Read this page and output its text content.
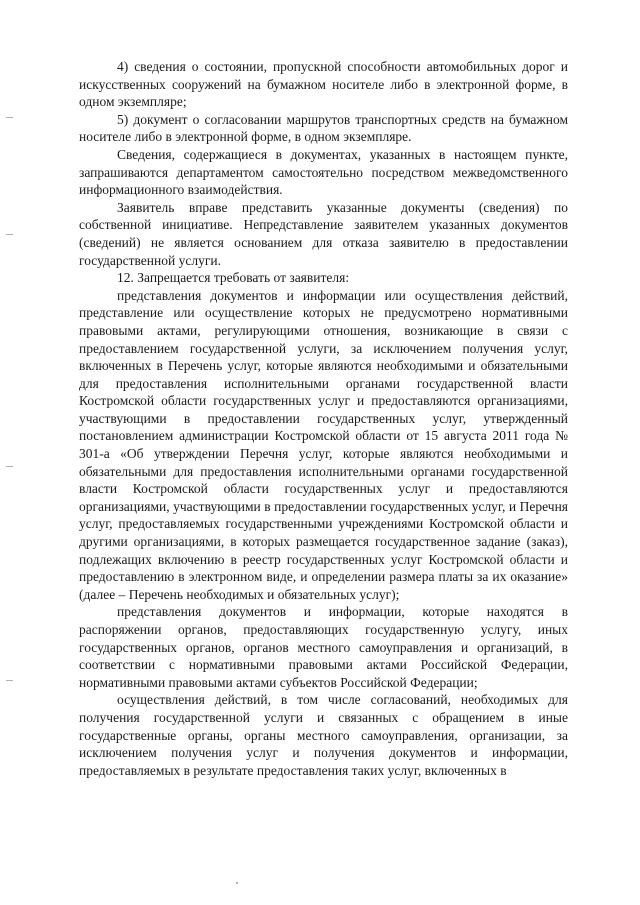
4) сведения о состоянии, пропускной способности автомобильных дорог и искусственных сооружений на бумажном носителе либо в электронной форме, в одном экземпляре;

5) документ о согласовании маршрутов транспортных средств на бумажном носителе либо в электронной форме, в одном экземпляре.

Сведения, содержащиеся в документах, указанных в настоящем пункте, запрашиваются департаментом самостоятельно посредством межведомственного информационного взаимодействия.

Заявитель вправе представить указанные документы (сведения) по собственной инициативе. Непредставление заявителем указанных документов (сведений) не является основанием для отказа заявителю в предоставлении государственной услуги.

12. Запрещается требовать от заявителя:

представления документов и информации или осуществления действий, представление или осуществление которых не предусмотрено нормативными правовыми актами, регулирующими отношения, возникающие в связи с предоставлением государственной услуги, за исключением получения услуг, включенных в Перечень услуг, которые являются необходимыми и обязательными для предоставления исполнительными органами государственной власти Костромской области государственных услуг и предоставляются организациями, участвующими в предоставлении государственных услуг, утвержденный постановлением администрации Костромской области от 15 августа 2011 года № 301-а «Об утверждении Перечня услуг, которые являются необходимыми и обязательными для предоставления исполнительными органами государственной власти Костромской области государственных услуг и предоставляются организациями, участвующими в предоставлении государственных услуг, и Перечня услуг, предоставляемых государственными учреждениями Костромской области и другими организациями, в которых размещается государственное задание (заказ), подлежащих включению в реестр государственных услуг Костромской области и предоставлению в электронном виде, и определении размера платы за их оказание» (далее – Перечень необходимых и обязательных услуг);

представления документов и информации, которые находятся в распоряжении органов, предоставляющих государственную услугу, иных государственных органов, органов местного самоуправления и организаций, в соответствии с нормативными правовыми актами Российской Федерации, нормативными правовыми актами субъектов Российской Федерации;

осуществления действий, в том числе согласований, необходимых для получения государственной услуги и связанных с обращением в иные государственные органы, органы местного самоуправления, организации, за исключением получения услуг и получения документов и информации, предоставляемых в результате предоставления таких услуг, включенных в
